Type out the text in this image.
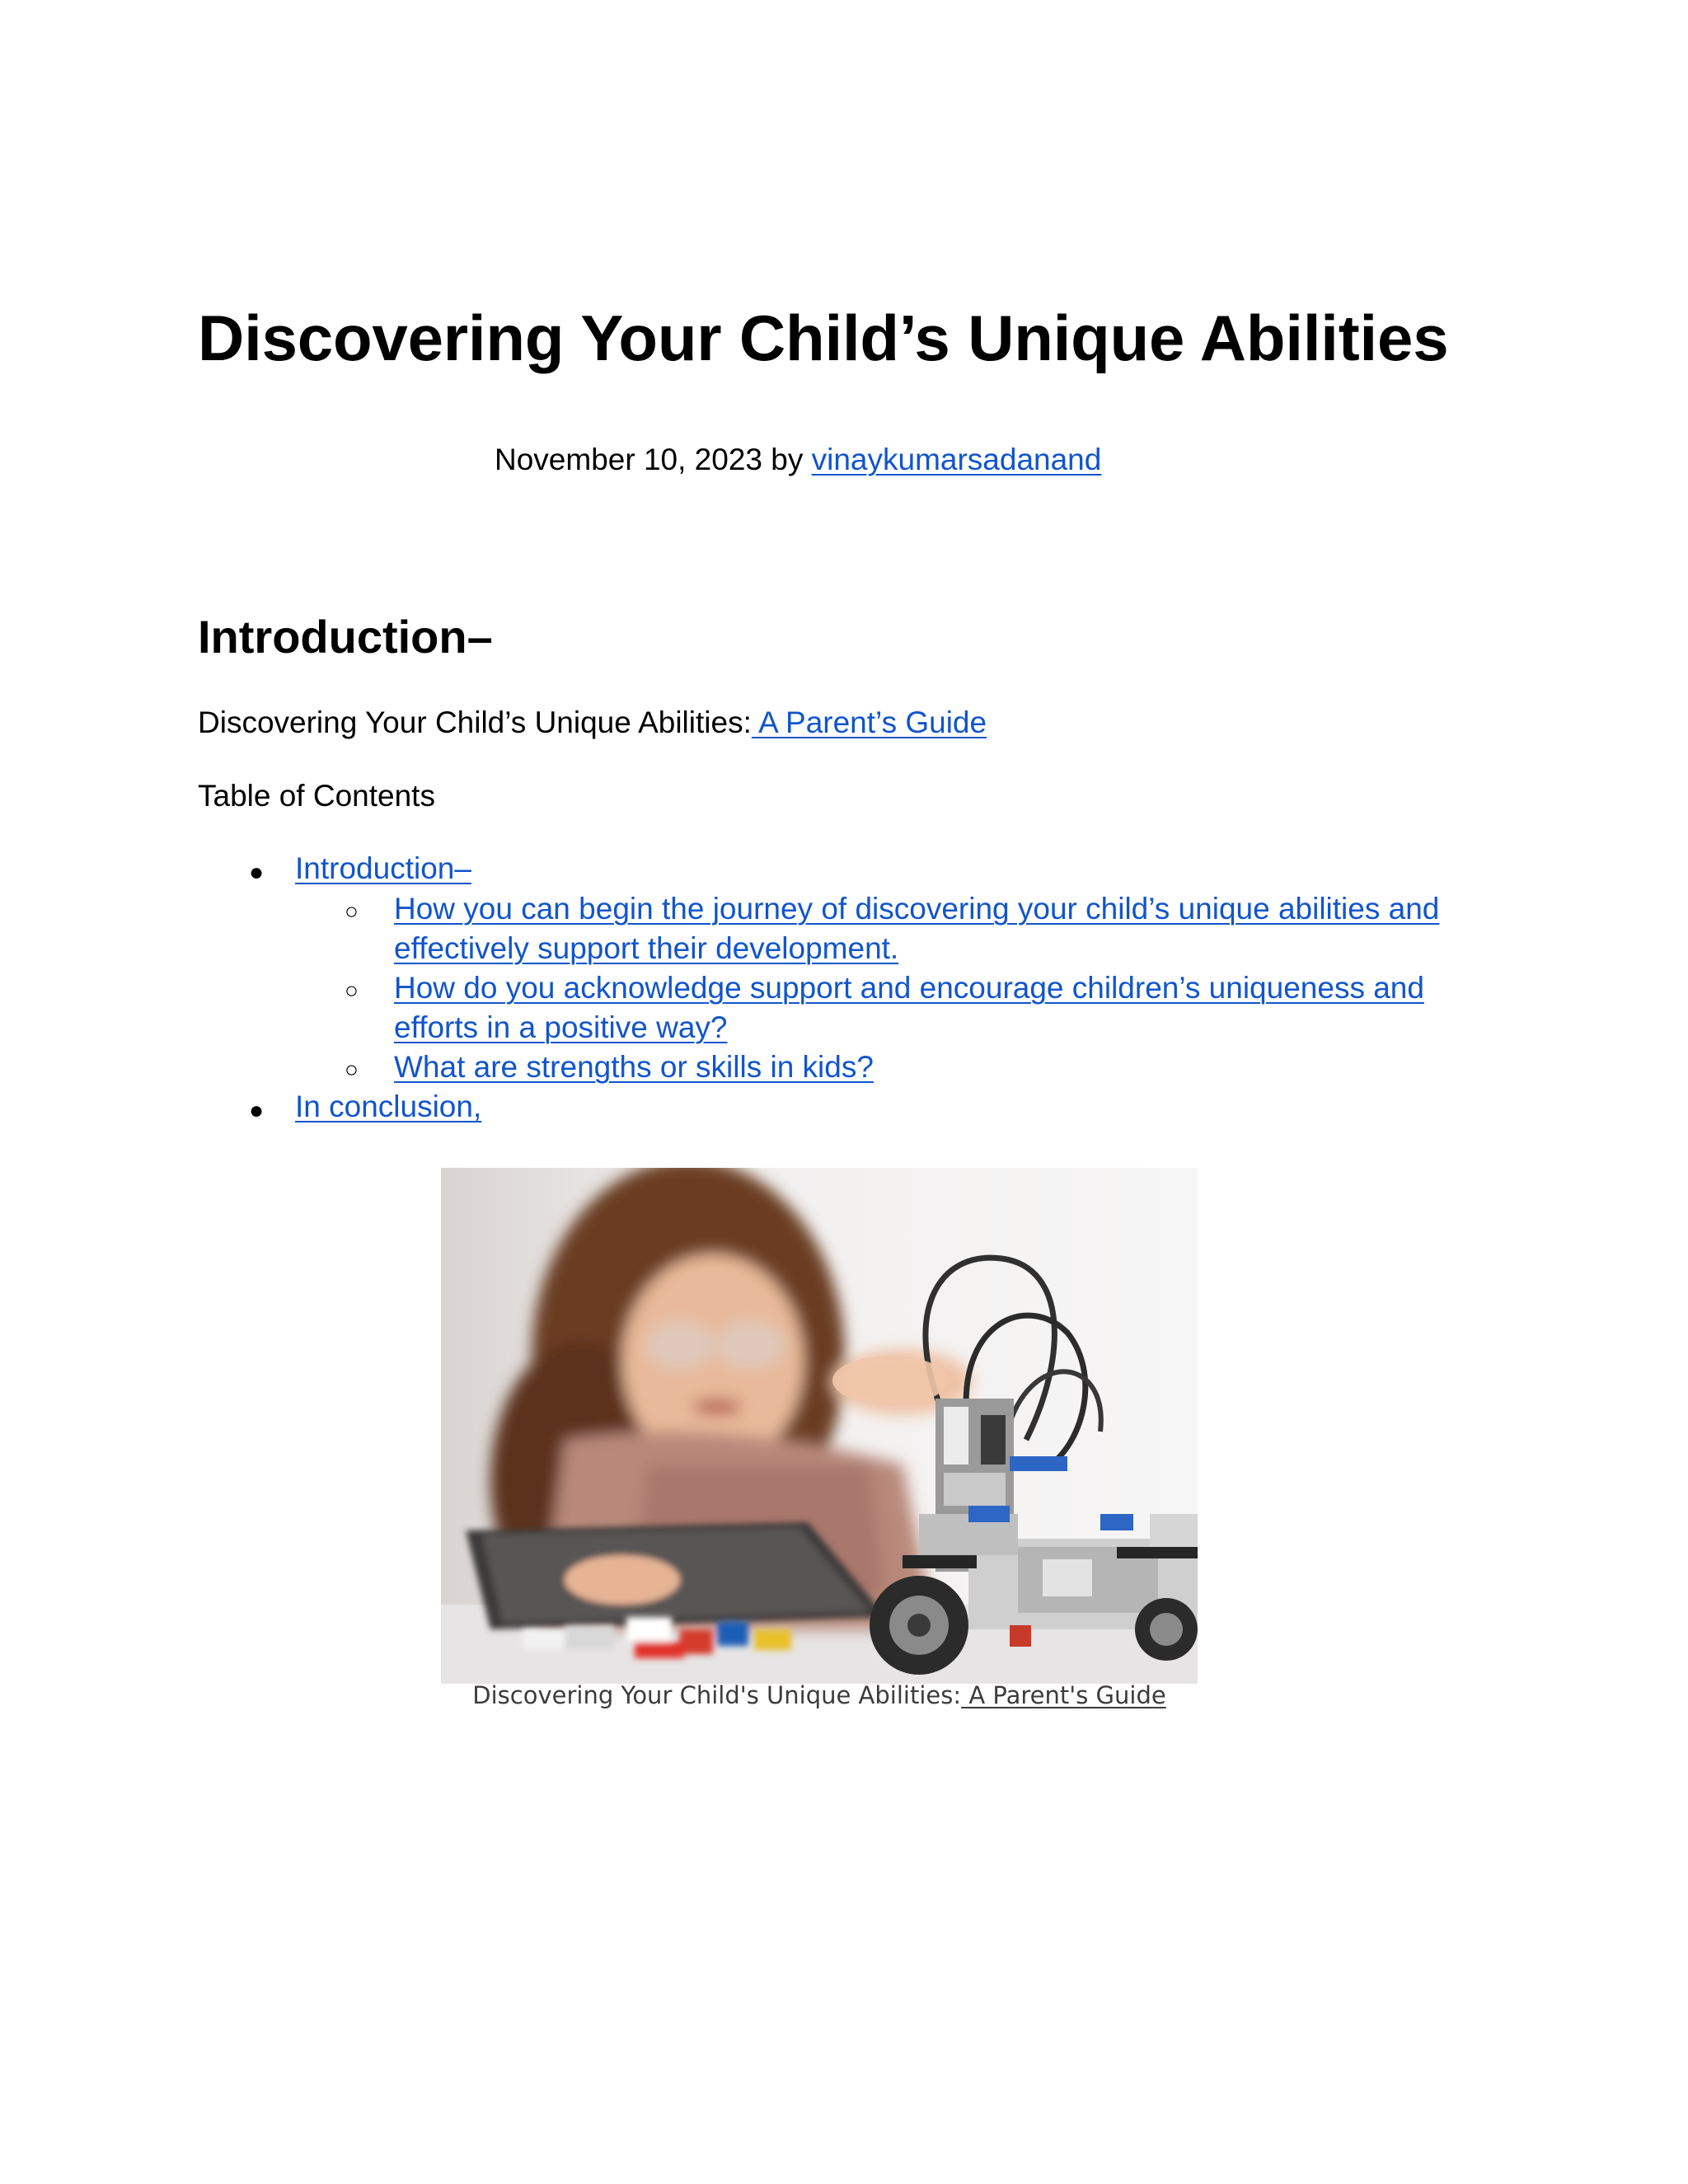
Discovering Your Child’s Unique Abilities
November 10, 2023 by vinaykumarsadanand
Introduction–
Discovering Your Child’s Unique Abilities: A Parent’s Guide
Table of Contents
● Introduction–
○ How you can begin the journey of discovering your child’s unique abilities and
effectively support their development.
○ How do you acknowledge support and encourage children’s uniqueness and
efforts in a positive way?
○ What are strengths or skills in kids?
● In conclusion,
Discovering Your Child's Unique Abilities: A Parent's Guide
